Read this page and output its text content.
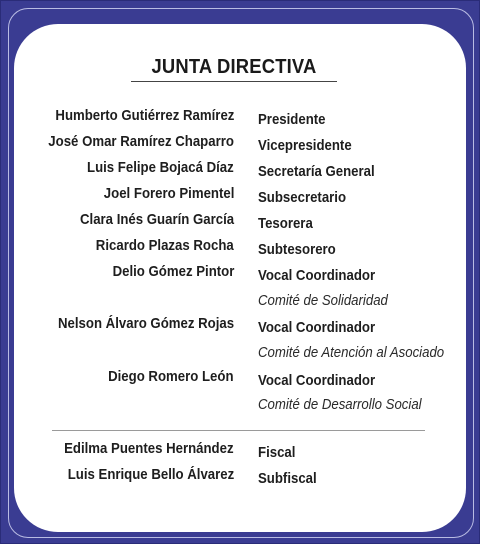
JUNTA DIRECTIVA
Humberto Gutiérrez Ramírez Presidente
José Omar Ramírez Chaparro Vicepresidente
Luis Felipe Bojacá Díaz Secretaría General
Joel Forero Pimentel Subsecretario
Clara Inés Guarín García Tesorera
Ricardo Plazas Rocha Subtesorero
Delio Gómez Pintor Vocal Coordinador
Comité de Solidaridad
Nelson Álvaro Gómez Rojas Vocal Coordinador
Comité de Atención al Asociado
Diego Romero León Vocal Coordinador
Comité de Desarrollo Social
Edilma Puentes Hernández Fiscal
Luis Enrique Bello Álvarez Subfiscal
